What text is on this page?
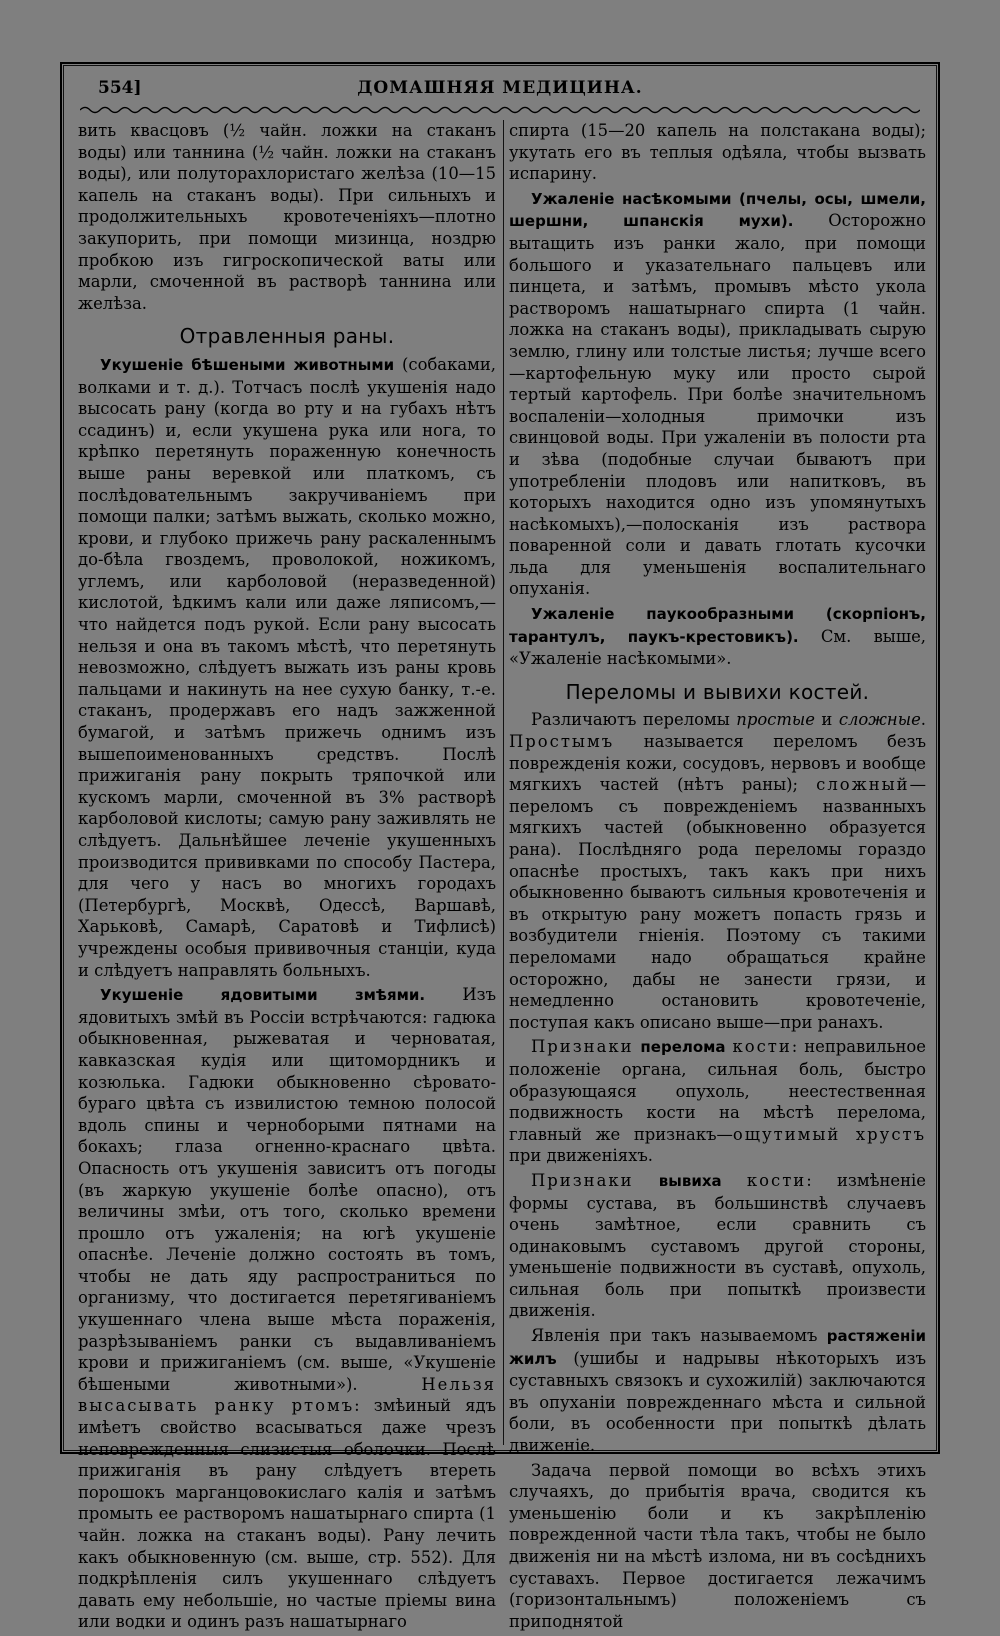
554]	ДОМАШНЯЯ МЕДИЦИНА.

вить квасцовъ (½ чайн. ложки на стаканъ воды) или таннина (½ чайн. ложки на стаканъ воды), или полуторахлористаго желѣза (10—15 капель на стаканъ воды). При сильныхъ и продолжительныхъ кровотеченіяхъ—плотно закупорить, при помощи мизинца, ноздрю пробкою изъ гигроскопической ваты или марли, смоченной въ растворѣ таннина или желѣза.

Отравленныя раны.

Укушеніе бѣшеными животными (собаками, волками и т. д.). Тотчасъ послѣ укушенія надо высосать рану (когда во рту и на губахъ нѣтъ ссадинъ) и, если укушена рука или нога, то крѣпко перетянуть пораженную конечность выше раны веревкой или платкомъ, съ послѣдовательнымъ закручиваніемъ при помощи палки; затѣмъ выжать, сколько можно, крови, и глубоко прижечь рану раскаленнымъ до-бѣла гвоздемъ, проволокой, ножикомъ, углемъ, или карболовой (неразведенной) кислотой, ѣдкимъ кали или даже ляписомъ,—что найдется подъ рукой. Если рану высосать нельзя и она въ такомъ мѣстѣ, что перетянуть невозможно, слѣдуетъ выжать изъ раны кровь пальцами и накинуть на нее сухую банку, т.-е. стаканъ, продержавъ его надъ зажженной бумагой, и затѣмъ прижечь однимъ изъ вышепоименованныхъ средствъ. Послѣ прижиганія рану покрыть тряпочкой или кускомъ марли, смоченной въ 3% растворѣ карболовой кислоты; самую рану заживлять не слѣдуетъ. Дальнѣйшее леченіе укушенныхъ производится прививками по способу Пастера, для чего у насъ во многихъ городахъ (Петербургѣ, Москвѣ, Одессѣ, Варшавѣ, Харьковѣ, Самарѣ, Саратовѣ и Тифлисѣ) учреждены особыя прививочныя станціи, куда и слѣдуетъ направлять больныхъ.

Укушеніе ядовитыми змѣями. Изъ ядовитыхъ змѣй въ Россіи встрѣчаются: гадюка обыкновенная, рыжеватая и черноватая, кавказская кудія или щитомордникъ и козюлька. Гадюки обыкновенно сѣровато-бураго цвѣта съ извилистою темною полосой вдоль спины и черноборыми пятнами на бокахъ; глаза огненно-краснаго цвѣта. Опасность отъ укушенія зависитъ отъ погоды (въ жаркую укушеніе болѣе опасно), отъ величины змѣи, отъ того, сколько времени прошло отъ ужаленія; на югѣ укушеніе опаснѣе. Леченіе должно состоять въ томъ, чтобы не дать яду распространиться по организму, что достигается перетягиваніемъ укушеннаго члена выше мѣста пораженія, разрѣзываніемъ ранки съ выдавливаніемъ крови и прижиганіемъ (см. выше, «Укушеніе бѣшеными животными»). Нельзя высасывать ранку ртомъ: змѣиный ядъ имѣетъ свойство всасываться даже чрезъ неповрежденныя слизистыя оболочки. Послѣ прижиганія въ рану слѣдуетъ втереть порошокъ марганцовокислаго калія и затѣмъ промыть ее растворомъ нашатырнаго спирта (1 чайн. ложка на стаканъ воды). Рану лечить какъ обыкновенную (см. выше, стр. 552). Для подкрѣпленія силъ укушеннаго слѣдуетъ давать ему небольшіе, но частые пріемы вина или водки и одинъ разъ нашатырнаго

спирта (15—20 капель на полстакана воды); укутать его въ теплыя одѣяла, чтобы вызвать испарину.

Ужаленіе насѣкомыми (пчелы, осы, шмели, шершни, шпанскія мухи). Осторожно вытащить изъ ранки жало, при помощи большого и указательнаго пальцевъ или пинцета, и затѣмъ, промывъ мѣсто укола растворомъ нашатырнаго спирта (1 чайн. ложка на стаканъ воды), прикладывать сырую землю, глину или толстые листья; лучше всего—картофельную муку или просто сырой тертый картофель. При болѣе значительномъ воспаленіи—холодныя примочки изъ свинцовой воды. При ужаленіи въ полости рта и зѣва (подобные случаи бываютъ при употребленіи плодовъ или напитковъ, въ которыхъ находится одно изъ упомянутыхъ насѣкомыхъ),—полосканія изъ раствора поваренной соли и давать глотать кусочки льда для уменьшенія воспалительнаго опуханія.

Ужаленіе паукообразными (скорпіонъ, тарантулъ, паукъ-крестовикъ). См. выше, «Ужаленіе насѣкомыми».

Переломы и вывихи костей.

Различаютъ переломы простые и сложные. Простымъ называется переломъ безъ поврежденія кожи, сосудовъ, нервовъ и вообще мягкихъ частей (нѣтъ раны); сложный—переломъ съ поврежденіемъ названныхъ мягкихъ частей (обыкновенно образуется рана). Послѣдняго рода переломы гораздо опаснѣе простыхъ, такъ какъ при нихъ обыкновенно бываютъ сильныя кровотеченія и въ открытую рану можетъ попасть грязь и возбудители гніенія. Поэтому съ такими переломами надо обращаться крайне осторожно, дабы не занести грязи, и немедленно остановить кровотеченіе, поступая какъ описано выше—при ранахъ.

Признаки перелома кости: неправильное положеніе органа, сильная боль, быстро образующаяся опухоль, неестественная подвижность кости на мѣстѣ перелома, главный же признакъ—ощутимый хрустъ при движеніяхъ.

Признаки вывиха кости: измѣненіе формы сустава, въ большинствѣ случаевъ очень замѣтное, если сравнить съ одинаковымъ суставомъ другой стороны, уменьшеніе подвижности въ суставѣ, опухоль, сильная боль при попыткѣ произвести движенія.

Явленія при такъ называемомъ растяженіи жилъ (ушибы и надрывы нѣкоторыхъ изъ суставныхъ связокъ и сухожилій) заключаются въ опуханіи поврежденнаго мѣста и сильной боли, въ особенности при попыткѣ дѣлать движеніе.

Задача первой помощи во всѣхъ этихъ случаяхъ, до прибытія врача, сводится къ уменьшенію боли и къ закрѣпленію поврежденной части тѣла такъ, чтобы не было движенія ни на мѣстѣ излома, ни въ сосѣднихъ суставахъ. Первое достигается лежачимъ (горизонтальнымъ) положеніемъ съ приподнятой
